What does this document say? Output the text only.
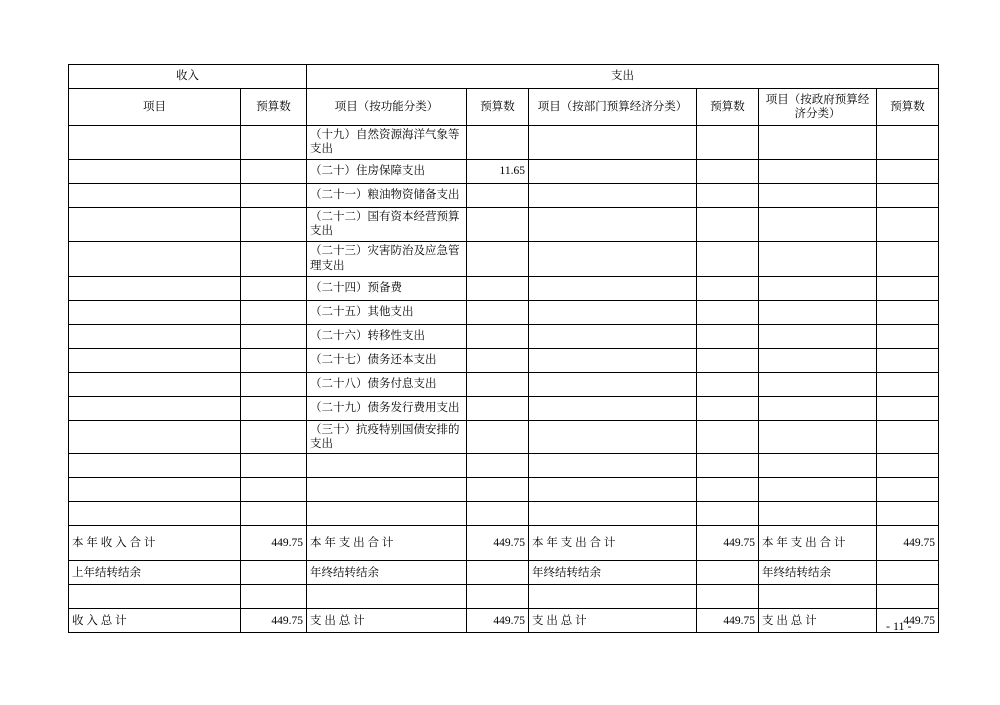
收入		支出					
项目	预算数	项目（按功能分类）	预算数	项目（按部门预算经济分类）	预算数	项目（按政府预算经济分类）	预算数
		（十九）自然资源海洋气象等支出					
		（二十）住房保障支出	11.65				
		（二十一）粮油物资储备支出					
		（二十二）国有资本经营预算支出					
		（二十三）灾害防治及应急管理支出					
		（二十四）预备费					
		（二十五）其他支出					
		（二十六）转移性支出					
		（二十七）债务还本支出					
		（二十八）债务付息支出					
		（二十九）债务发行费用支出					
		（三十）抗疫特别国债安排的支出					

本 年 收 入 合 计	449.75	本 年 支 出 合 计	449.75	本 年 支 出 合 计	449.75	本 年 支 出 合 计	449.75
上年结转结余		年终结转结余		年终结转结余		年终结转结余	

收 入 总 计	449.75	支 出 总 计	449.75	支 出 总 计	449.75	支 出 总 计	449.75
- 11 -
